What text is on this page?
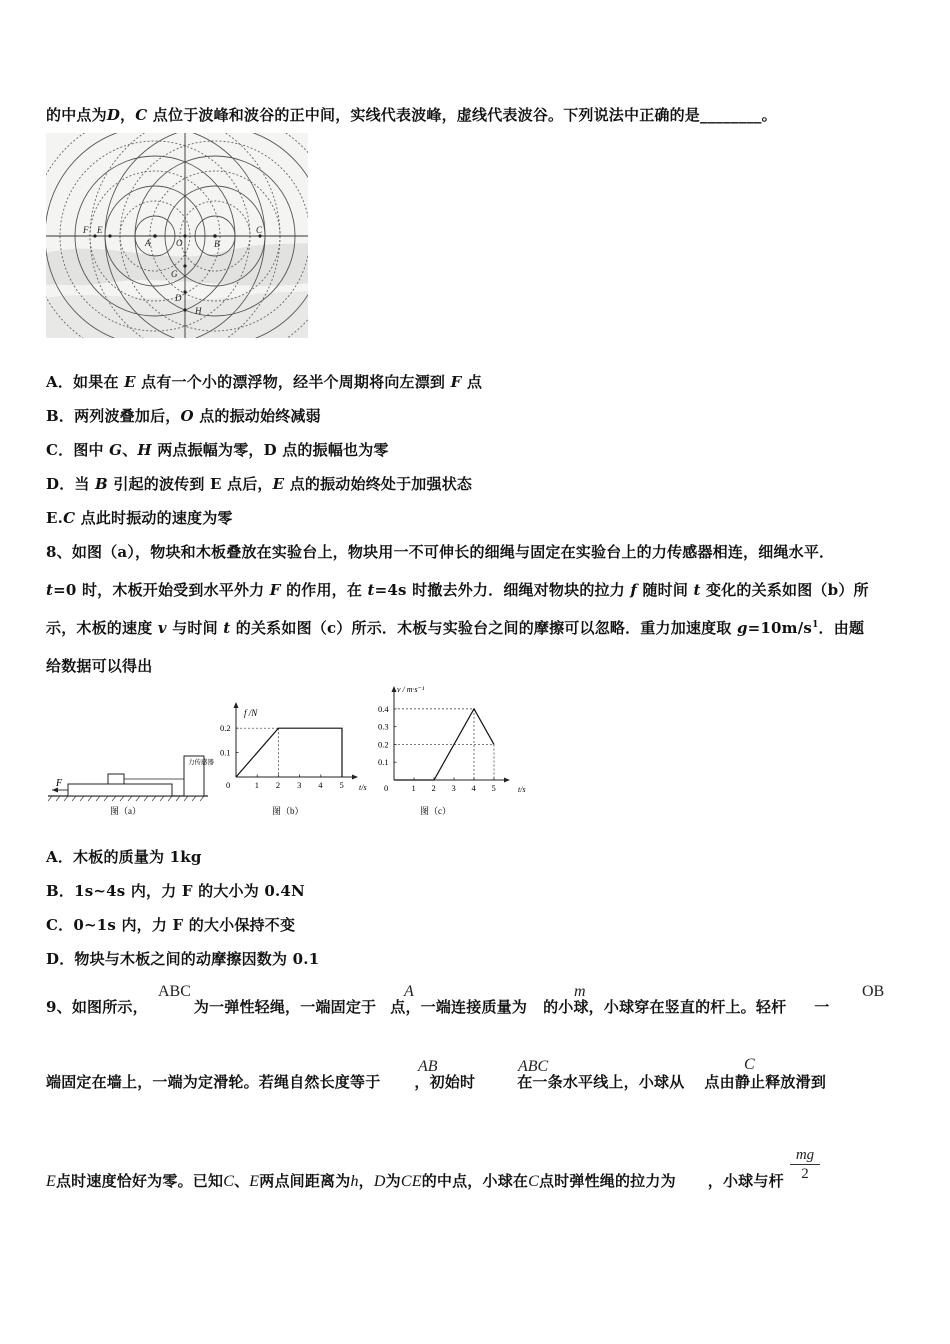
的中点为D，C 点位于波峰和波谷的正中间，实线代表波峰，虚线代表波谷。下列说法中正确的是________。
F E
A	O	B
C
G
D
H
A．如果在 E 点有一个小的漂浮物，经半个周期将向左漂到 F 点
B．两列波叠加后，O 点的振动始终减弱
C．图中 G、H 两点振幅为零，D 点的振幅也为零
D．当 B 引起的波传到 E 点后，E 点的振动始终处于加强状态
E.C 点此时振动的速度为零
8、如图（a），物块和木板叠放在实验台上，物块用一不可伸长的细绳与固定在实验台上的力传感器相连，细绳水平．
t=0 时，木板开始受到水平外力 F 的作用，在 t=4s 时撤去外力．细绳对物块的拉力 f 随时间 t 变化的关系如图（b）所
示，木板的速度 v 与时间 t 的关系如图（c）所示．木板与实验台之间的摩擦可以忽略．重力加速度取 $g=10m/s^1$．由题
给数据可以得出
F
力传感器
图（a）
0	1 2 3 4 5
0.2
0.1
f /N
t/s
图（b）
0	1 2 3 4 5
0.4
0.3
0.2
0.1
v / m·s⁻¹
t/s
图（c）
A．木板的质量为 1kg
B．1s~4s 内，力 F 的大小为 0.4N
C．0~1s 内，力 F 的大小保持不变
D．物块与木板之间的动摩擦因数为 0.1
9、如图所示，	为一弹性轻绳，一端固定于 点，一端连接质量为 的小球，小球穿在竖直的杆上。轻杆 一
ABC	A	m	OB
端固定在墙上，一端为定滑轮。若绳自然长度等于 ，初始时	在一条水平线上，小球从 点由静止释放滑到
AB	ABC	C
E点时速度恰好为零。已知C、E两点间距离为h，D为CE的中点，小球在C点时弹性绳的拉力为 ，小球与杆 $\frac{mg}{2}$
